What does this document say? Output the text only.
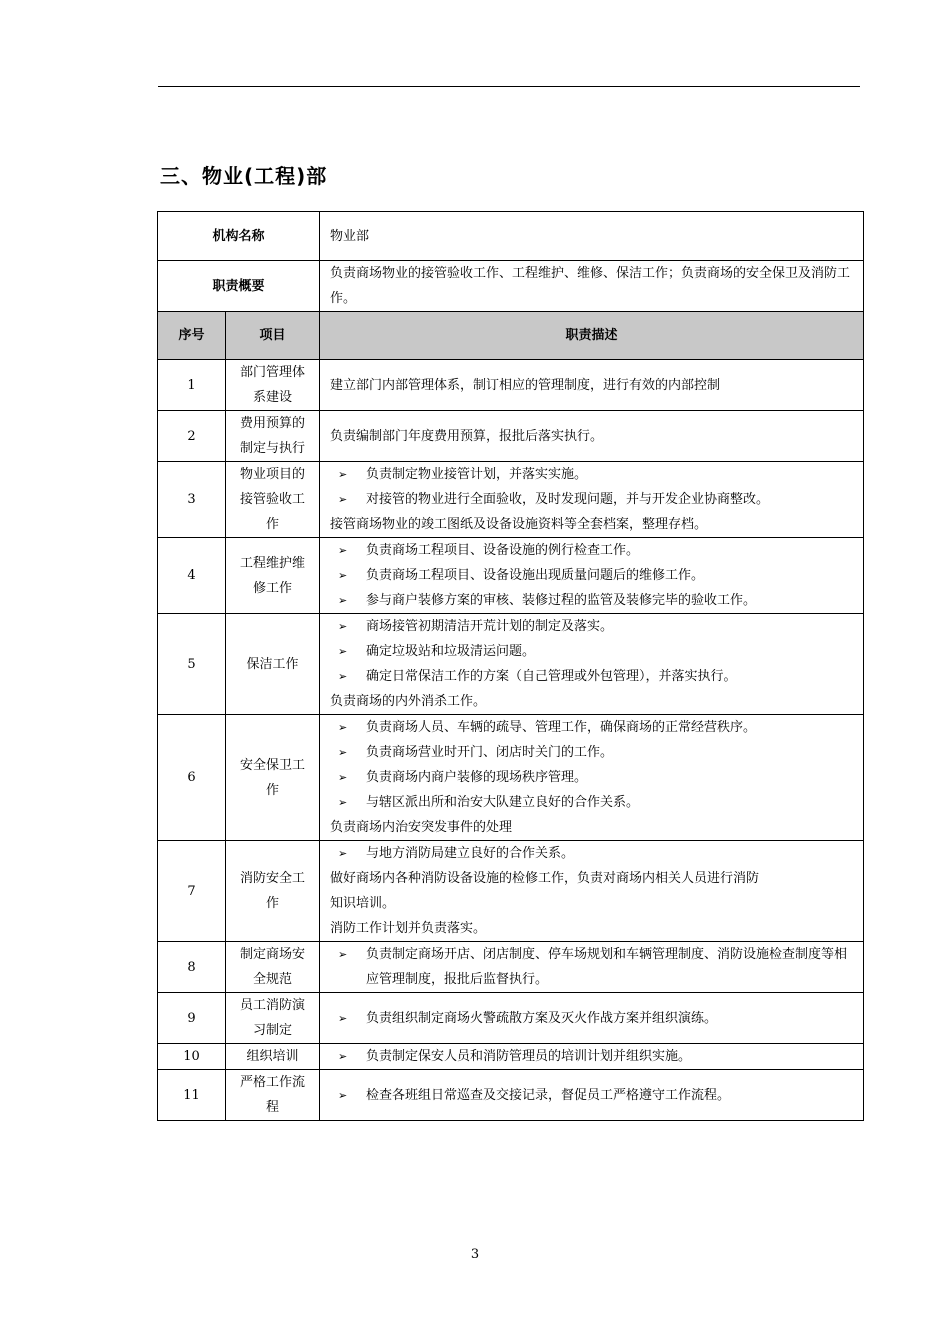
三、物业(工程)部
机构名称		物业部
职责概要		负责商场物业的接管验收工作、工程维护、维修、保洁工作；负责商场的安全保卫及消防工作。
序号	项目	职责描述
1	部门管理体系建设	建立部门内部管理体系，制订相应的管理制度，进行有效的内部控制

2	费用预算的制定与执行	负责编制部门年度费用预算，报批后落实执行。

3	物业项目的接管验收工作	➢ 负责制定物业接管计划，并落实实施。
➢ 对接管的物业进行全面验收，及时发现问题，并与开发企业协商整改。
接管商场物业的竣工图纸及设备设施资料等全套档案，整理存档。

4	工程维护维修工作	➢ 负责商场工程项目、设备设施的例行检查工作。
➢ 负责商场工程项目、设备设施出现质量问题后的维修工作。
➢ 参与商户装修方案的审核、装修过程的监管及装修完毕的验收工作。

5	保洁工作	➢ 商场接管初期清洁开荒计划的制定及落实。
➢ 确定垃圾站和垃圾清运问题。
➢ 确定日常保洁工作的方案（自己管理或外包管理），并落实执行。
负责商场的内外消杀工作。

6	安全保卫工作	➢ 负责商场人员、车辆的疏导、管理工作，确保商场的正常经营秩序。
➢ 负责商场营业时开门、闭店时关门的工作。
➢ 负责商场内商户装修的现场秩序管理。
➢ 与辖区派出所和治安大队建立良好的合作关系。
负责商场内治安突发事件的处理

7	消防安全工作	➢ 与地方消防局建立良好的合作关系。
做好商场内各种消防设备设施的检修工作，负责对商场内相关人员进行消防
知识培训。
消防工作计划并负责落实。

8	制定商场安全规范	➢ 负责制定商场开店、闭店制度、停车场规划和车辆管理制度、消防设施检查制度等相应管理制度，报批后监督执行。

9	员工消防演习制定	➢ 负责组织制定商场火警疏散方案及灭火作战方案并组织演练。

10	组织培训	➢ 负责制定保安人员和消防管理员的培训计划并组织实施。

11	严格工作流程	➢ 检查各班组日常巡查及交接记录，督促员工严格遵守工作流程。
3
